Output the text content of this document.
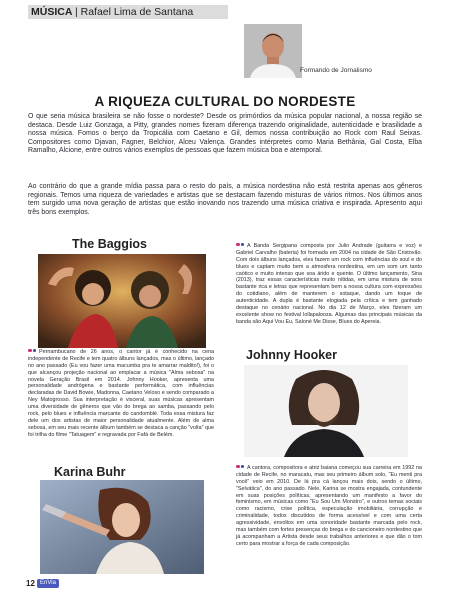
MÚSICA | Rafael Lima de Santana
Formando de Jornalismo
A RIQUEZA CULTURAL DO NORDESTE
O que seria música brasileira se não fosse o nordeste? Desde os primórdios da música popular nacional, a nossa região se destaca. Desde Luiz Gonzaga, a Pitty, grandes nomes fizeram diferença trazendo originalidade, autenticidade e brasilidade a nossa música. Fomos o berço da Tropicália com Caetano e Gil, demos nossa contribuição ao Rock com Raul Seixas. Compositores como Djavan, Fagner, Belchior, Alceu Valença. Grandes intérpretes como Maria Bethânia, Gal Costa, Elba Ramalho, Alcione, entre outros vários exemplos de pessoas que fazem música boa e atemporal.
Ao contrário do que a grande mídia passa para o resto do país, a música nordestina não está restrita apenas aos gêneros regionais. Temos uma riqueza de variedades e artistas que se destacam fazendo misturas de vários ritmos. Nos últimos anos tem surgido uma nova geração de artistas que estão inovando nos trazendo uma música criativa e inspirada. Apresento aqui três bons exemplos.
The Baggios	A Banda Sergipana composta por Julio Andrade (guitarra e voz) e Gabriel Carvalho (bateria) foi formada em 2004 na cidade de São Cristovão. Com dois álbuns lançados, eles fazem um rock com influências do soul e do blues e captam muito bem a atmosfera nordestina, em um som um tanto caótico e muito intenso que soa árido e quente. O último lançamento, Sina (2013), traz essas características muito nítidas, em uma mistura de sons bastante rica e letras que representam bem a nossa cultura com expressões do cotidiano, além de manterem o sotaque, dando um toque de autenticidade. A dupla é bastante elogiada pela crítica e tem ganhado destaque no cenário nacional. No dia 12 de Março, eles fizeram um excelente show no festival lollapalooza. Algumas das principais músicas da banda são Aqui Vou Eu, Saloné Me Disse, Blues do Apereia.
Pernambucano de 26 anos, o cantor já é conhecido na cena independente de Recife e tem quatro álbuns lançados, mas o último, lançado no ano passado (Eu vou fazer uma macumba pra te amarrar maldito!), foi o que alcançou projeção nacional ao emplacar a música "Alma sebosa" na novela Geração Brasil em 2014. Johnny Hooker, apresenta uma personalidade andrógena e bastante performática, com influências declaradas de David Bowie, Madonna, Caetano Veloso e sendo comparado a Ney Matogrosso. Sua interpretação é visceral, suas músicas apresentam uma diversidade de gêneros que vão do brega ao samba, passando pelo rock, pelo blues e influência marcante do candomblé. Toda essa mistura faz dele um dos artistas de maior personalidade atualmente. Além de alma sebosa, em seu mais recente álbum também se destaca a canção "volta" que foi trilha do filme "Tatuagem" e regravada por Fafá de Belém.
Johnny Hooker
Karina Buhr	A cantora, compositora e atriz baiana começou sua carreira em 1992 na cidade de Recife, no maracatu, mas seu primeiro álbum solo, "Eu menti pra você" veio em 2010. De lá pra cá lançou mais dois, sendo o último, "Selvática", do ano passado. Nele, Karina se mostra engajada, contundente em suas posições políticas, apresentando um manifesto a favor do feminismo, em músicas como "Eu Sou Um Monstro", e outros temas sociais como racismo, crise política, especulação imobiliária, corrupção e criminalidade, todos discutidos de forma acessível e com uma certa agressividade, envoltos em uma sonoridade bastante marcada pelo rock, mas também com fortes presenças do brega e do cancioneiro nordestino que já acompanham a Artista desde seus trabalhos anteriores e que dão o tom certo para mostrar a força de cada composição.
12 EnVia
